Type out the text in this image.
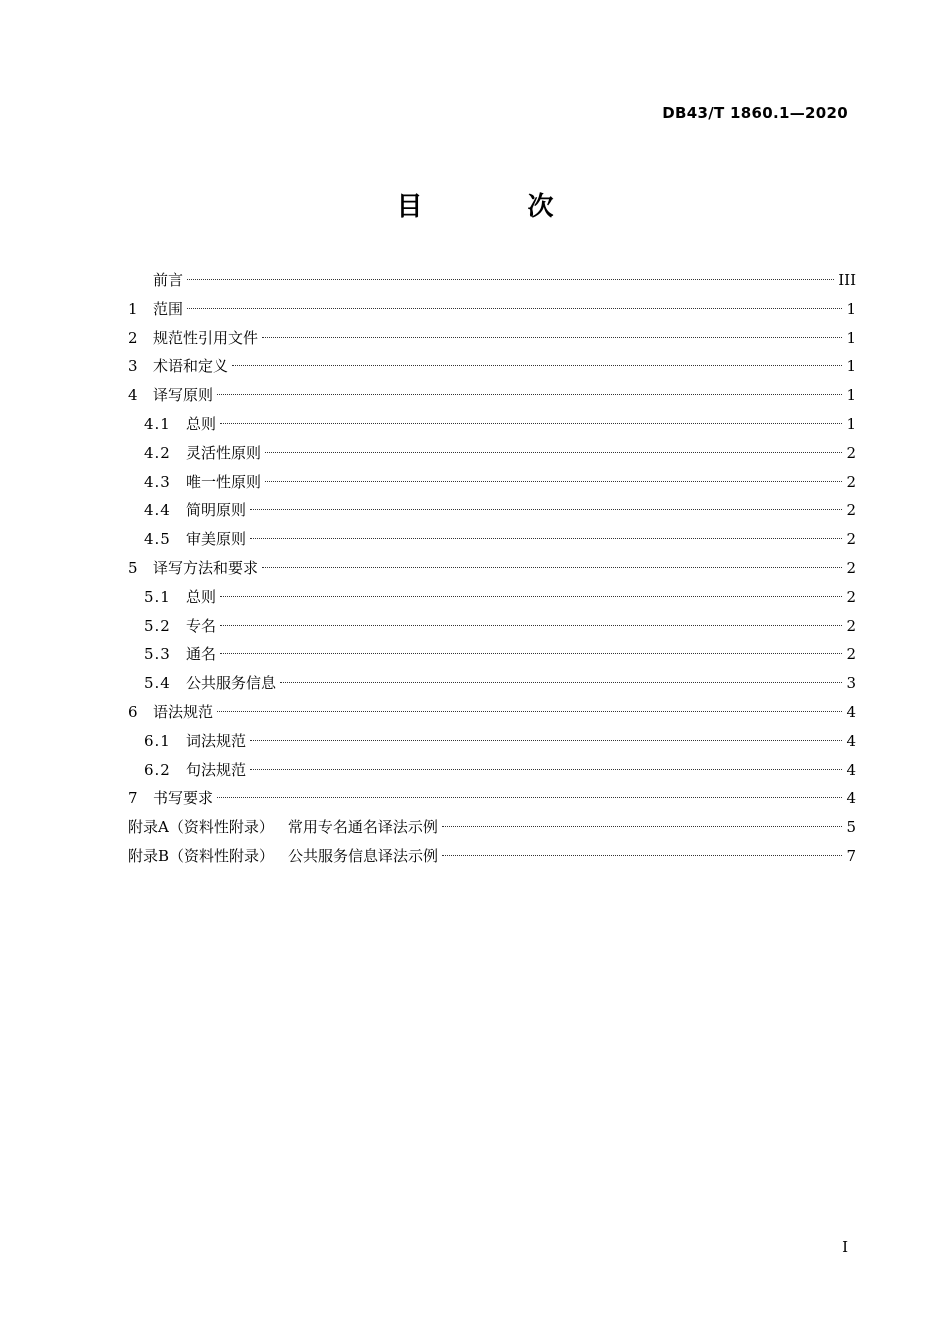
DB43/T 1860.1—2020
目 次
前言	III
1	范围	1
2	规范性引用文件	1
3	术语和定义	1
4	译写原则	1
4.1	总则	1
4.2	灵活性原则	2
4.3	唯一性原则	2
4.4	简明原则	2
4.5	审美原则	2
5	译写方法和要求	2
5.1	总则	2
5.2	专名	2
5.3	通名	2
5.4	公共服务信息	3
6	语法规范	4
6.1	词法规范	4
6.2	句法规范	4
7	书写要求	4
附录A（资料性附录） 常用专名通名译法示例	5
附录B（资料性附录） 公共服务信息译法示例	7
I
